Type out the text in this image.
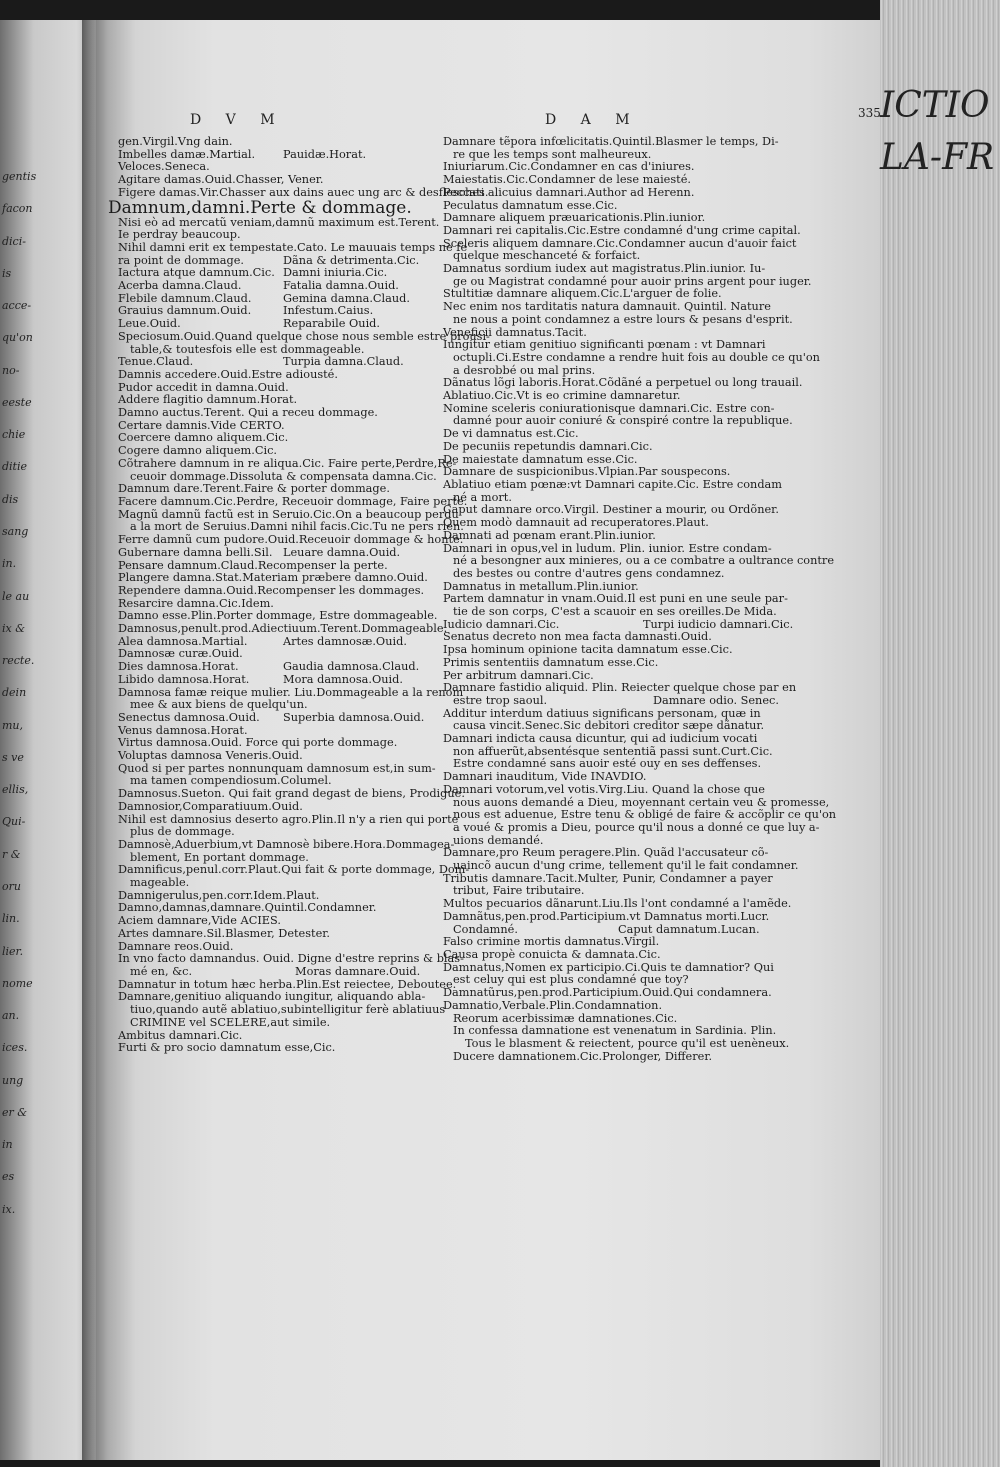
gentis
facon
dici-
is
acce-
qu'on
no-
eeste
chie
ditie
dis
sang
in.
le au
ix &
recte.
dein
mu,
s ve
ellis,
Qui-
r &
oru
lin.
lier.
nome
an.
ices.
ung
er &
in
es
ix.
ICTIO LA-FR
D V M	D A M	335
gen.Virgil.Vng dain.
Imbelles damæ.Martial.	Pauidæ.Horat.
Veloces.Seneca.
Agitare damas.Ouid.Chasser, Vener.
Figere damas.Vir.Chasser aux dains auec ung arc & desflesches.
Damnum,damni.Perte & dommage.
Nisi eò ad mercatũ veniam,damnũ maximum est.Terent.
Ie perdray beaucoup.
Nihil damni erit ex tempestate.Cato. Le mauuais temps ne fe
ra point de dommage.	Dãna & detrimenta.Cic.
Iactura atque damnum.Cic. Damni iniuria.Cic.
Acerba damna.Claud.	Fatalia damna.Ouid.
Flebile damnum.Claud.	Gemina damna.Claud.
Grauius damnum.Ouid.	Infestum.Caius.
Leue.Ouid.	Reparabile Ouid.
Speciosum.Ouid.Quand quelque chose nous semble estre prousi-
table,& toutesfois elle est dommageable.
Tenue.Claud.	Turpia damna.Claud.
Damnis accedere.Ouid.Estre adiousté.
Pudor accedit in damna.Ouid.
Addere flagitio damnum.Horat.
Damno auctus.Terent. Qui a receu dommage.
Certare damnis.Vide CERTO.
Coercere damno aliquem.Cic.
Cogere damno aliquem.Cic.
Cõtrahere damnum in re aliqua.Cic. Faire perte,Perdre,Re-
ceuoir dommage. Dissoluta & compensata damna.Cic.
Damnum dare.Terent.Faire & porter dommage.
Facere damnum.Cic.Perdre, Receuoir dommage, Faire perte.
Magnũ damnũ factũ est in Seruio.Cic.On a beaucoup perdu
a la mort de Seruius. Damni nihil facis.Cic.Tu ne pers rien.
Ferre damnũ cum pudore.Ouid.Receuoir dommage & honte.
Gubernare damna belli.Sil. Leuare damna.Ouid.
Pensare damnum.Claud.Recompenser la perte.
Plangere damna.Stat. Materiam præbere damno.Ouid.
Rependere damna.Ouid.Recompenser les dommages.
Resarcire damna.Cic.Idem.
Damno esse.Plin.Porter dommage, Estre dommageable.
Damnosus,penult.prod.Adiectiuum.Terent.Dommageable.
Alea damnosa.Martial.	Artes damnosæ.Ouid.
Damnosæ curæ.Ouid.
Dies damnosa.Horat.	Gaudia damnosa.Claud.
Libido damnosa.Horat.	Mora damnosa.Ouid.
Damnosa famæ reique mulier. Liu.Dommageable a la renom
mee & aux biens de quelqu'un.
Senectus damnosa.Ouid.	Superbia damnosa.Ouid.
Venus damnosa.Horat.
Virtus damnosa.Ouid. Force qui porte dommage.
Voluptas damnosa Veneris.Ouid.
Quod si per partes nonnunquam damnosum est,in sum-
ma tamen compendiosum.Columel.
Damnosus.Sueton. Qui fait grand degast de biens, Prodigue.
Damnosior,Comparatiuum.Ouid.
Nihil est damnosius deserto agro.Plin.Il n'y a rien qui porte
plus de dommage.
Damnosè,Aduerbium,vt Damnosè bibere.Hora.Dommagea-
blement, En portant dommage.
Damnificus,penul.corr.Plaut.Qui fait & porte dommage, Dom-
mageable.
Damnigerulus,pen.corr.Idem.Plaut.
Damno,damnas,damnare.Quintil.Condamner.
Aciem damnare,Vide ACIES.
Artes damnare.Sil.Blasmer, Detester.
Damnare reos.Ouid.
In vno facto damnandus. Ouid. Digne d'estre reprins & blas-
mé en, &c.	Moras damnare.Ouid.
Damnatur in totum hæc herba.Plin.Est reiectee, Deboutee.
Damnare,genitiuo aliquando iungitur, aliquando abla-
tiuo,quando autẽ ablatiuo,subintelligitur ferè ablatiuus
CRIMINE vel SCELERE,aut simile.
Ambitus damnari.Cic.
Furti & pro socio damnatum esse,Cic.
Damnare tẽpora infœlicitatis.Quintil.Blasmer le temps, Di-
re que les temps sont malheureux.
Iniuriarum.Cic.Condamner en cas d'iniures.
Maiestatis.Cic.Condamner de lese maiesté.
Peccati alicuius damnari.Author ad Herenn.
Peculatus damnatum esse.Cic.
Damnare aliquem præuaricationis.Plin.iunior.
Damnari rei capitalis.Cic.Estre condamné d'ung crime capital.
Sceleris aliquem damnare.Cic.Condamner aucun d'auoir faict
quelque meschanceté & forfaict.
Damnatus sordium iudex aut magistratus.Plin.iunior. Iu-
ge ou Magistrat condamné pour auoir prins argent pour iuger.
Stultitiæ damnare aliquem.Cic.L'arguer de folie.
Nec enim nos tarditatis natura damnauit. Quintil. Nature
ne nous a point condamnez a estre lours & pesans d'esprit.
Veneficii damnatus.Tacit.
Iungitur etiam genitiuo significanti pœnam : vt Damnari
octupli.Ci.Estre condamne a rendre huit fois au double ce qu'on
a desrobbé ou mal prins.
Dãnatus lõgi laboris.Horat.Cõdãné a perpetuel ou long trauail.
Ablatiuo.Cic.Vt is eo crimine damnaretur.
Nomine sceleris coniurationisque damnari.Cic. Estre con-
damné pour auoir coniuré & conspiré contre la republique.
De vi damnatus est.Cic.
De pecuniis repetundis damnari.Cic.
De maiestate damnatum esse.Cic.
Damnare de suspicionibus.Vlpian.Par souspecons.
Ablatiuo etiam pœnæ:vt Damnari capite.Cic. Estre condam
né a mort.
Caput damnare orco.Virgil. Destiner a mourir, ou Ordõner.
Quem modò damnauit ad recuperatores.Plaut.
Damnati ad pœnam erant.Plin.iunior.
Damnari in opus,vel in ludum. Plin. iunior. Estre condam-
né a besongner aux minieres, ou a ce combatre a oultrance contre
des bestes ou contre d'autres gens condamnez.
Damnatus in metallum.Plin.iunior.
Partem damnatur in vnam.Ouid.Il est puni en une seule par-
tie de son corps, C'est a scauoir en ses oreilles.De Mida.
Iudicio damnari.Cic.	Turpi iudicio damnari.Cic.
Senatus decreto non mea facta damnasti.Ouid.
Ipsa hominum opinione tacita damnatum esse.Cic.
Primis sententiis damnatum esse.Cic.
Per arbitrum damnari.Cic.
Damnare fastidio aliquid. Plin. Reiecter quelque chose par en
estre trop saoul.	Damnare odio. Senec.
Additur interdum datiuus significans personam, quæ in
causa vincit.Senec.Sic debitori creditor sæpe dãnatur.
Damnari indicta causa dicuntur, qui ad iudicium vocati
non affuerũt,absentésque sententiã passi sunt.Curt.Cic.
Estre condamné sans auoir esté ouy en ses deffenses.
Damnari inauditum, Vide INAVDIO.
Damnari votorum,vel votis.Virg.Liu. Quand la chose que
nous auons demandé a Dieu, moyennant certain veu & promesse,
nous est aduenue, Estre tenu & obligé de faire & accõplir ce qu'on
a voué & promis a Dieu, pource qu'il nous a donné ce que luy a-
uions demandé.
Damnare,pro Reum peragere.Plin. Quãd l'accusateur cõ-
uaincõ aucun d'ung crime, tellement qu'il le fait condamner.
Tributis damnare.Tacit.Multer, Punir, Condamner a payer
tribut, Faire tributaire.
Multos pecuarios dãnarunt.Liu.Ils l'ont condamné a l'amẽde.
Damnãtus,pen.prod.Participium.vt Damnatus morti.Lucr.
Condamné.	Caput damnatum.Lucan.
Falso crimine mortis damnatus.Virgil.
Causa propè conuicta & damnata.Cic.
Damnatus,Nomen ex participio.Ci.Quis te damnatior? Qui
est celuy qui est plus condamné que toy?
Damnatũrus,pen.prod.Participium.Ouid.Qui condamnera.
Damnatio,Verbale.Plin.Condamnation.
Reorum acerbissimæ damnationes.Cic.
In confessa damnatione est venenatum in Sardinia. Plin.
Tous le blasment & reiectent, pource qu'il est uenèneux.
Ducere damnationem.Cic.Prolonger, Differer.
